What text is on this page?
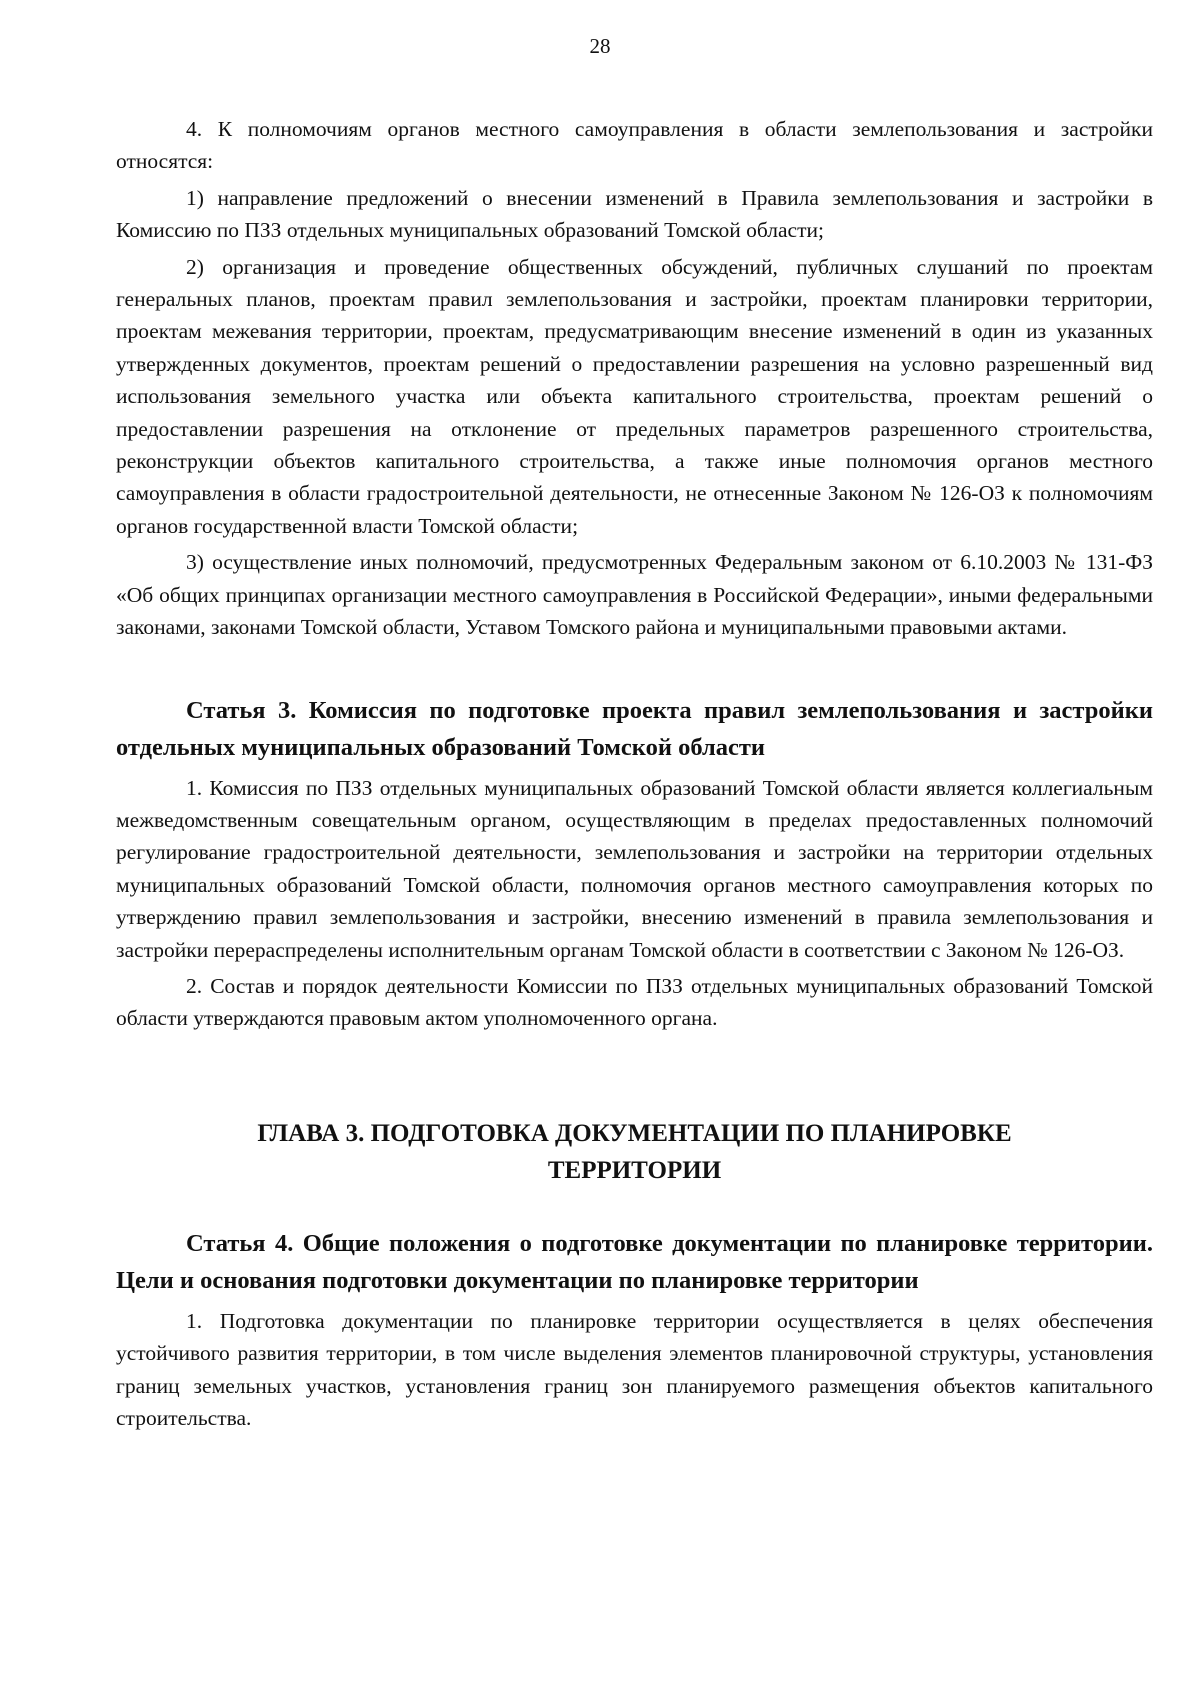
28

4. К полномочиям органов местного самоуправления в области землепользования и застройки относятся:

1) направление предложений о внесении изменений в Правила землепользования и застройки в Комиссию по ПЗЗ отдельных муниципальных образований Томской области;

2) организация и проведение общественных обсуждений, публичных слушаний по проектам генеральных планов, проектам правил землепользования и застройки, проектам планировки территории, проектам межевания территории, проектам, предусматривающим внесение изменений в один из указанных утвержденных документов, проектам решений о предоставлении разрешения на условно разрешенный вид использования земельного участка или объекта капитального строительства, проектам решений о предоставлении разрешения на отклонение от предельных параметров разрешенного строительства, реконструкции объектов капитального строительства, а также иные полномочия органов местного самоуправления в области градостроительной деятельности, не отнесенные Законом № 126-ОЗ к полномочиям органов государственной власти Томской области;

3) осуществление иных полномочий, предусмотренных Федеральным законом от 6.10.2003 № 131-ФЗ «Об общих принципах организации местного самоуправления в Российской Федерации», иными федеральными законами, законами Томской области, Уставом Томского района и муниципальными правовыми актами.

Статья 3. Комиссия по подготовке проекта правил землепользования и застройки отдельных муниципальных образований Томской области

1. Комиссия по ПЗЗ отдельных муниципальных образований Томской области является коллегиальным межведомственным совещательным органом, осуществляющим в пределах предоставленных полномочий регулирование градостроительной деятельности, землепользования и застройки на территории отдельных муниципальных образований Томской области, полномочия органов местного самоуправления которых по утверждению правил землепользования и застройки, внесению изменений в правила землепользования и застройки перераспределены исполнительным органам Томской области в соответствии с Законом № 126-ОЗ.

2. Состав и порядок деятельности Комиссии по ПЗЗ отдельных муниципальных образований Томской области утверждаются правовым актом уполномоченного органа.

ГЛАВА 3. ПОДГОТОВКА ДОКУМЕНТАЦИИ ПО ПЛАНИРОВКЕ
ТЕРРИТОРИИ
Статья 4. Общие положения о подготовке документации по планировке территории. Цели и основания подготовки документации по планировке территории

1. Подготовка документации по планировке территории осуществляется в целях обеспечения устойчивого развития территории, в том числе выделения элементов планировочной структуры, установления границ земельных участков, установления границ зон планируемого размещения объектов капитального строительства.
